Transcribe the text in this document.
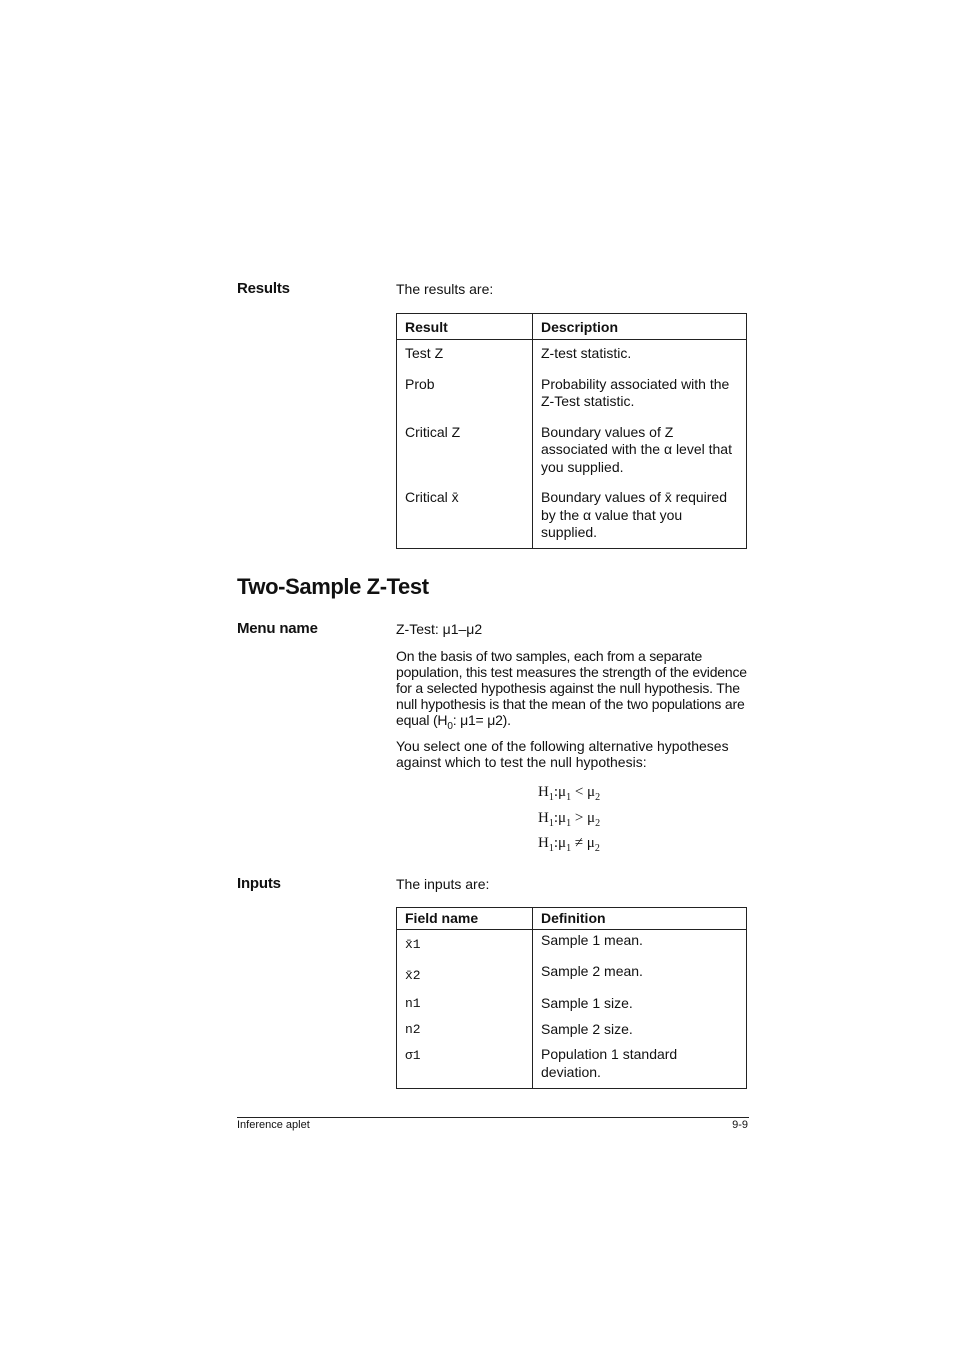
Results	The results are:
Result	Description
Test Z	Z-test statistic.
Prob	Probability associated with the Z-Test statistic.
Critical Z	Boundary values of Z associated with the α level that you supplied.
Critical x̄	Boundary values of x̄ required by the α value that you supplied.
Two-Sample Z-Test
Menu name	Z-Test: μ1–μ2
On the basis of two samples, each from a separate population, this test measures the strength of the evidence for a selected hypothesis against the null hypothesis. The null hypothesis is that the mean of the two populations are equal ($H_0$: μ1= μ2).
You select one of the following alternative hypotheses against which to test the null hypothesis:
$H_1:\mu_1 < \mu_2$
$H_1:\mu_1 > \mu_2$
$H_1:\mu_1 \ne \mu_2$
Inputs	The inputs are:
Field name	Definition
x̄1	Sample 1 mean.
x̄2	Sample 2 mean.
n1	Sample 1 size.
n2	Sample 2 size.
σ1	Population 1 standard deviation.
Inference aplet	9-9
